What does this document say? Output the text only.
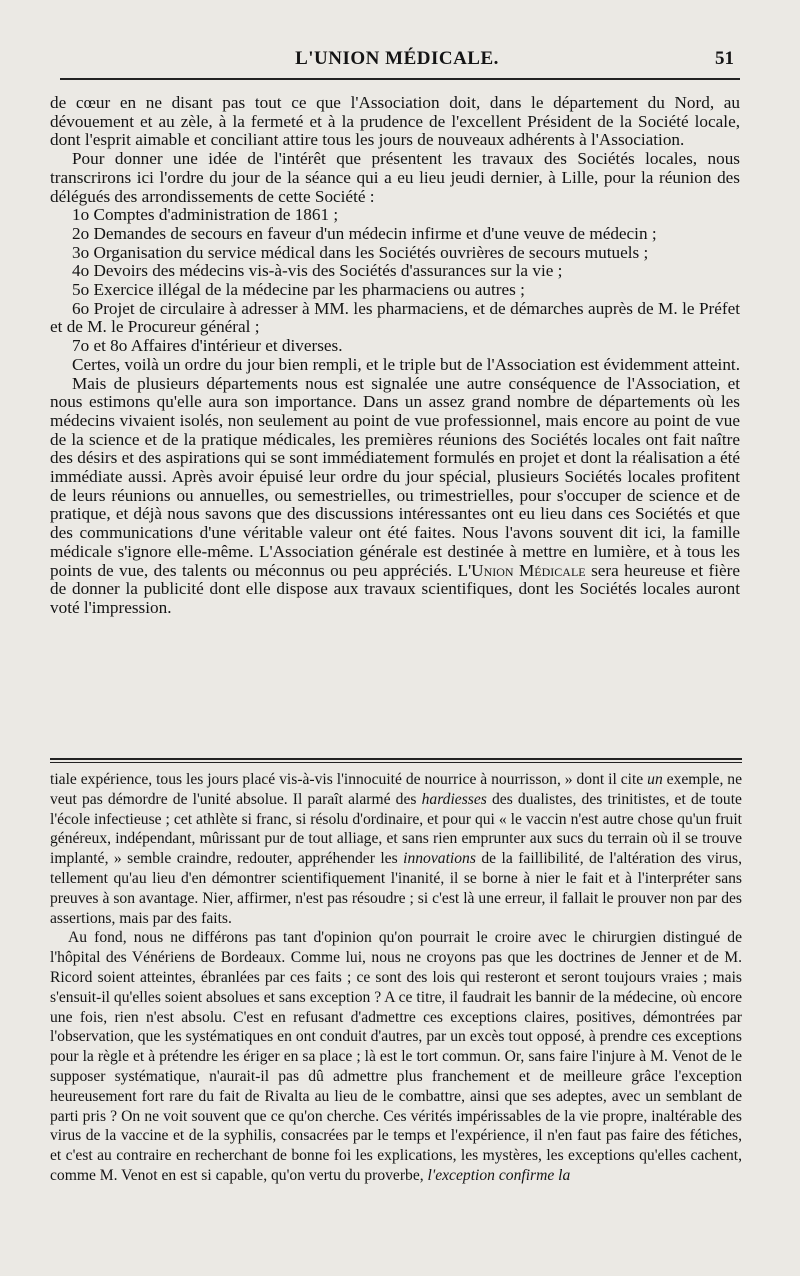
L'UNION MÉDICALE.	51

de cœur en ne disant pas tout ce que l'Association doit, dans le département du Nord, au dévouement et au zèle, à la fermeté et à la prudence de l'excellent Président de la Société locale, dont l'esprit aimable et conciliant attire tous les jours de nouveaux adhérents à l'Association.

Pour donner une idée de l'intérêt que présentent les travaux des Sociétés locales, nous transcrirons ici l'ordre du jour de la séance qui a eu lieu jeudi dernier, à Lille, pour la réunion des délégués des arrondissements de cette Société :

1o Comptes d'administration de 1861 ;

2o Demandes de secours en faveur d'un médecin infirme et d'une veuve de médecin ;

3o Organisation du service médical dans les Sociétés ouvrières de secours mutuels ;

4o Devoirs des médecins vis-à-vis des Sociétés d'assurances sur la vie ;

5o Exercice illégal de la médecine par les pharmaciens ou autres ;

6o Projet de circulaire à adresser à MM. les pharmaciens, et de démarches auprès de M. le Préfet et de M. le Procureur général ;

7o et 8o Affaires d'intérieur et diverses.

Certes, voilà un ordre du jour bien rempli, et le triple but de l'Association est évidemment atteint.

Mais de plusieurs départements nous est signalée une autre conséquence de l'Association, et nous estimons qu'elle aura son importance. Dans un assez grand nombre de départements où les médecins vivaient isolés, non seulement au point de vue professionnel, mais encore au point de vue de la science et de la pratique médicales, les premières réunions des Sociétés locales ont fait naître des désirs et des aspirations qui se sont immédiatement formulés en projet et dont la réalisation a été immédiate aussi. Après avoir épuisé leur ordre du jour spécial, plusieurs Sociétés locales profitent de leurs réunions ou annuelles, ou semestrielles, ou trimestrielles, pour s'occuper de science et de pratique, et déjà nous savons que des discussions intéressantes ont eu lieu dans ces Sociétés et que des communications d'une véritable valeur ont été faites. Nous l'avons souvent dit ici, la famille médicale s'ignore elle-même. L'Association générale est destinée à mettre en lumière, et à tous les points de vue, des talents ou méconnus ou peu appréciés. L'Union Médicale sera heureuse et fière de donner la publicité dont elle dispose aux travaux scientifiques, dont les Sociétés locales auront voté l'impression.

tiale expérience, tous les jours placé vis-à-vis l'innocuité de nourrice à nourrisson, » dont il cite un exemple, ne veut pas démordre de l'unité absolue. Il paraît alarmé des hardiesses des dualistes, des trinitistes, et de toute l'école infectieuse ; cet athlète si franc, si résolu d'ordinaire, et pour qui « le vaccin n'est autre chose qu'un fruit généreux, indépendant, mûrissant pur de tout alliage, et sans rien emprunter aux sucs du terrain où il se trouve implanté, » semble craindre, redouter, appréhender les innovations de la faillibilité, de l'altération des virus, tellement qu'au lieu d'en démontrer scientifiquement l'inanité, il se borne à nier le fait et à l'interpréter sans preuves à son avantage. Nier, affirmer, n'est pas résoudre ; si c'est là une erreur, il fallait le prouver non par des assertions, mais par des faits.

Au fond, nous ne différons pas tant d'opinion qu'on pourrait le croire avec le chirurgien distingué de l'hôpital des Vénériens de Bordeaux. Comme lui, nous ne croyons pas que les doctrines de Jenner et de M. Ricord soient atteintes, ébranlées par ces faits ; ce sont des lois qui resteront et seront toujours vraies ; mais s'ensuit-il qu'elles soient absolues et sans exception ? A ce titre, il faudrait les bannir de la médecine, où encore une fois, rien n'est absolu. C'est en refusant d'admettre ces exceptions claires, positives, démontrées par l'observation, que les systématiques en ont conduit d'autres, par un excès tout opposé, à prendre ces exceptions pour la règle et à prétendre les ériger en sa place ; là est le tort commun. Or, sans faire l'injure à M. Venot de le supposer systématique, n'aurait-il pas dû admettre plus franchement et de meilleure grâce l'exception heureusement fort rare du fait de Rivalta au lieu de le combattre, ainsi que ses adeptes, avec un semblant de parti pris ? On ne voit souvent que ce qu'on cherche. Ces vérités impérissables de la vie propre, inaltérable des virus de la vaccine et de la syphilis, consacrées par le temps et l'expérience, il n'en faut pas faire des fétiches, et c'est au contraire en recherchant de bonne foi les explications, les mystères, les exceptions qu'elles cachent, comme M. Venot en est si capable, qu'on vertu du proverbe, l'exception confirme la
